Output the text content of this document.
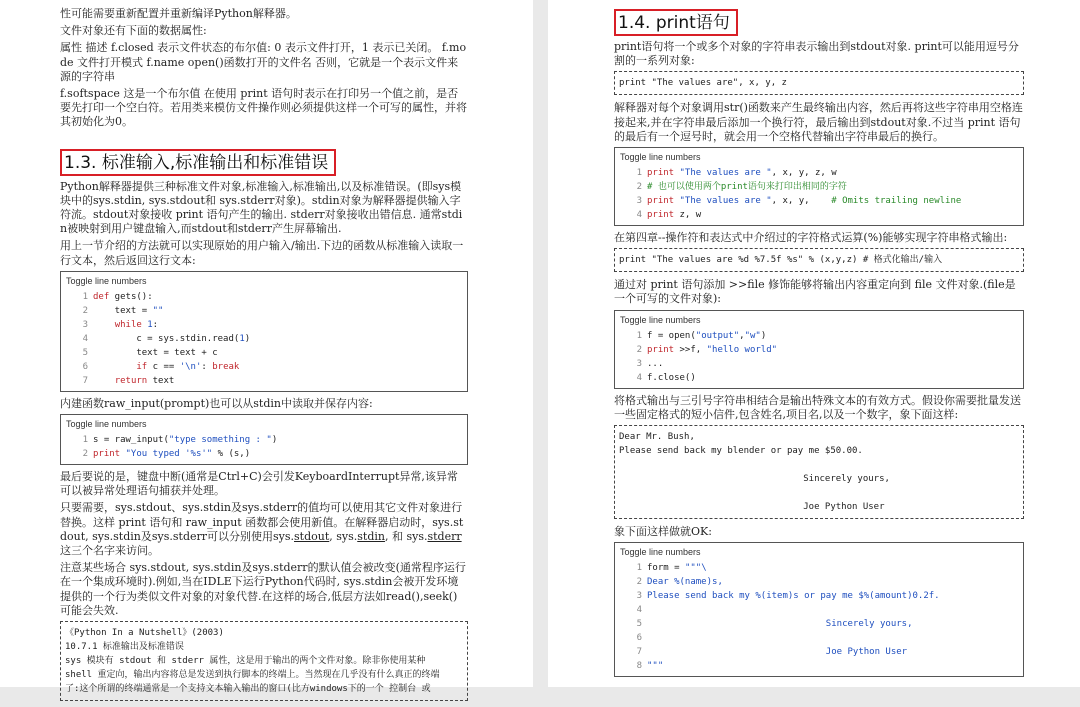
性可能需要重新配置并重新编译Python解释器。

文件对象还有下面的数据属性:

属性 描述 f.closed 表示文件状态的布尔值: 0 表示文件打开，1 表示已关闭。 f.mode 文件打开模式 f.name open()函数打开的文件名 否则，它就是一个表示文件来源的字符串

f.softspace 这是一个布尔值 在使用 print 语句时表示在打印另一个值之前，是否要先打印一个空白符。若用类来模仿文件操作则必须提供这样一个可写的属性，并将其初始化为0。

1.3. 标准输入,标准输出和标准错误

Python解释器提供三种标准文件对象,标准输入,标准输出,以及标准错误。(即sys模块中的sys.stdin, sys.stdout和 sys.stderr对象)。stdin对象为解释器提供输入字符流。stdout对象接收 print 语句产生的输出. stderr对象接收出错信息. 通常stdin被映射到用户键盘输入,而stdout和stderr产生屏幕输出.

用上一节介绍的方法就可以实现原始的用户输入/输出.下边的函数从标准输入读取一行文本，然后返回这行文本:

Toggle line numbers
1 def gets():
2    text = ""
3	while 1:
4        c = sys.stdin.read(1)
5        text = text + c
6	if c == '\n': break
7	return text

内建函数raw_input(prompt)也可以从stdin中读取并保存内容:

Toggle line numbers
1 s = raw_input("type something : ")
2 print "You typed '%s'" % (s,)

最后要说的是，键盘中断(通常是Ctrl+C)会引发KeyboardInterrupt异常,该异常可以被异常处理语句捕获并处理。

只要需要，sys.stdout、sys.stdin及sys.stderr的值均可以使用其它文件对象进行替换。这样 print 语句和 raw_input 函数都会使用新值。在解释器启动时，sys.stdout, sys.stdin及sys.stderr可以分别使用sys.stdout, sys.stdin, 和 sys.stderr这三个名字来访问。

注意某些场合 sys.stdout, sys.stdin及sys.stderr的默认值会被改变(通常程序运行在一个集成环境时).例如,当在IDLE下运行Python代码时, sys.stdin会被开发环境提供的一个行为类似文件对象的对象代替.在这样的场合,低层方法如read(),seek()可能会失效.

《Python In a Nutshell》(2003)
10.7.1 标准输出及标准错误
sys 模块有 stdout 和 stderr 属性，这是用于输出的两个文件对象。除非你使用某种
shell 重定向，输出内容将总是发送到执行脚本的终端上。当然现在几乎没有什么真正的终端
了:这个所谓的终端通常是一个支持文本输入输出的窗口(比方windows下的一个 控制台 或
1.4. print语句

print语句将一个或多个对象的字符串表示输出到stdout对象. print可以能用逗号分割的一系列对象:

print "The values are", x, y, z

解释器对每个对象调用str()函数来产生最终输出内容，然后再将这些字符串用空格连接起来,并在字符串最后添加一个换行符，最后输出到stdout对象.不过当 print 语句的最后有一个逗号时，就会用一个空格代替输出字符串最后的换行。

Toggle line numbers
1 print "The values are ", x, y, z, w
2 # 也可以使用两个print语句来打印出相同的字符
3 print "The values are ", x, y,    # Omits trailing newline
4 print z, w

在第四章--操作符和表达式中介绍过的字符格式运算(%)能够实现字符串格式输出:

print "The values are %d %7.5f %s" % (x,y,z) # 格式化输出/输入

通过对 print 语句添加 >>file 修饰能够将输出内容重定向到 file 文件对象.(file是一个可写的文件对象):

Toggle line numbers
1 f = open("output","w")
2 print >>f, "hello world"
3 ...
4 f.close()

将格式输出与三引号字符串相结合是输出特殊文本的有效方式。假设你需要批量发送一些固定格式的短小信件,包含姓名,项目名,以及一个数字，象下面这样:

Dear Mr. Bush,
Please send back my blender or pay me $50.00.
Sincerely yours,
Joe Python User

象下面这样做就OK:

Toggle line numbers
1 form = """\
2 Dear %(name)s,
3 Please send back my %(item)s or pay me $%(amount)0.2f.
4
5                                 Sincerely yours,
6
7                                 Joe Python User
8 """
